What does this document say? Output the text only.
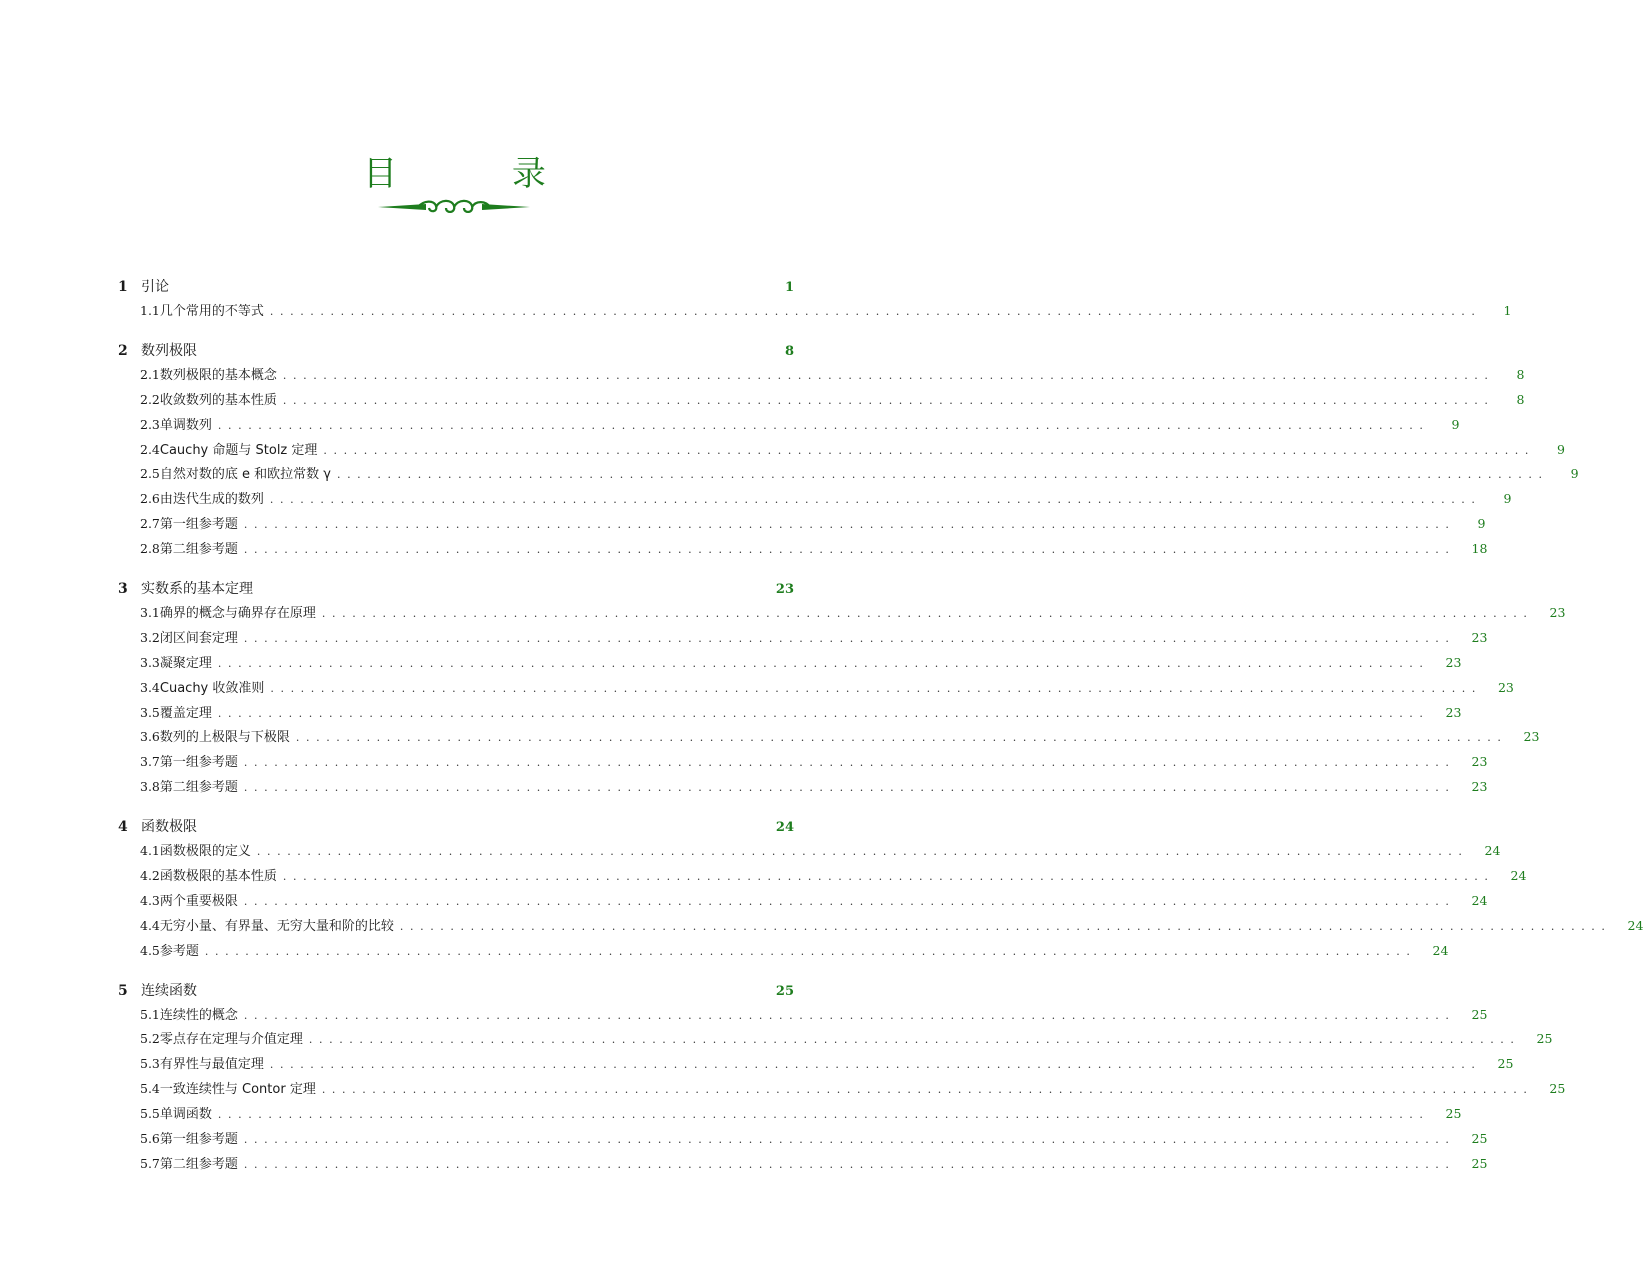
目 录
1 引论	1
1.1 几个常用的不等式 ........................................................................................................................	1
2 数列极限	8
2.1 数列极限的基本概念 ........................................................................................................................	8
2.2 收敛数列的基本性质 ........................................................................................................................	8
2.3 单调数列 ........................................................................................................................	9
2.4 Cauchy 命题与 Stolz 定理 ........................................................................................................................	9
2.5 自然对数的底 e 和欧拉常数 γ ........................................................................................................................	9
2.6 由迭代生成的数列 ........................................................................................................................	9
2.7 第一组参考题 ........................................................................................................................	9
2.8 第二组参考题 ........................................................................................................................ 18
3 实数系的基本定理	23
3.1 确界的概念与确界存在原理 ........................................................................................................................ 23
3.2 闭区间套定理 ........................................................................................................................ 23
3.3 凝聚定理 ........................................................................................................................ 23
3.4 Cuachy 收敛准则 ........................................................................................................................ 23
3.5 覆盖定理 ........................................................................................................................ 23
3.6 数列的上极限与下极限 ........................................................................................................................ 23
3.7 第一组参考题 ........................................................................................................................ 23
3.8 第二组参考题 ........................................................................................................................ 23
4 函数极限	24
4.1 函数极限的定义 ........................................................................................................................ 24
4.2 函数极限的基本性质 ........................................................................................................................ 24
4.3 两个重要极限 ........................................................................................................................ 24
4.4 无穷小量、有界量、无穷大量和阶的比较 ........................................................................................................................ 24
4.5 参考题 ........................................................................................................................ 24
5 连续函数	25
5.1 连续性的概念 ........................................................................................................................ 25
5.2 零点存在定理与介值定理 ........................................................................................................................ 25
5.3 有界性与最值定理 ........................................................................................................................ 25
5.4 一致连续性与 Contor 定理 ........................................................................................................................ 25
5.5 单调函数 ........................................................................................................................ 25
5.6 第一组参考题 ........................................................................................................................ 25
5.7 第二组参考题 ........................................................................................................................ 25
